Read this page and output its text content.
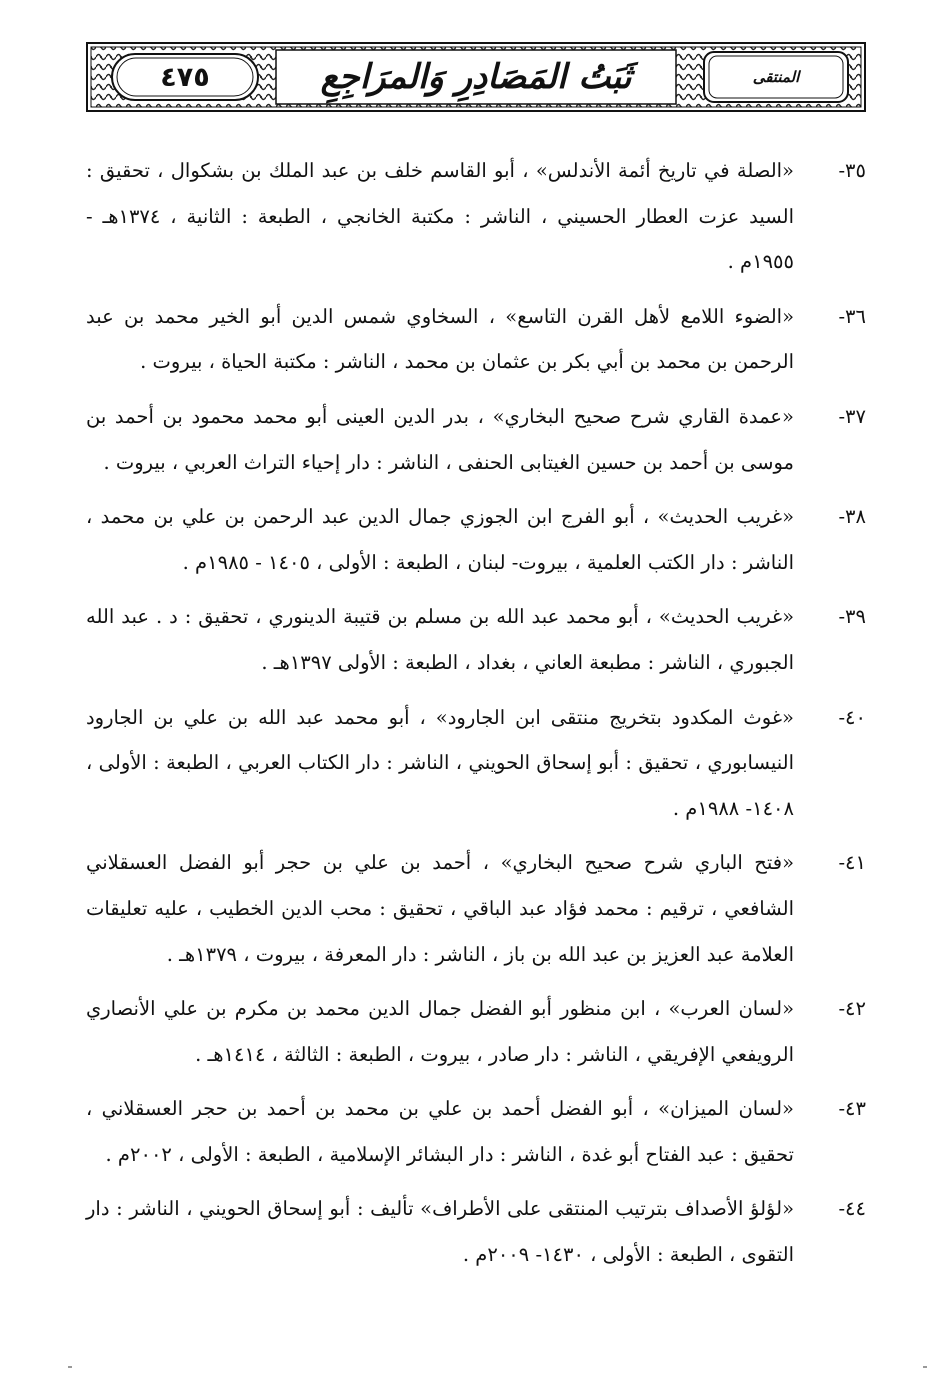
٤٧٥	ثَبَتُ المَصَادِرِ وَالمرَاجِعِ	المنتقى
٣٥-
«الصلة في تاريخ أئمة الأندلس» ، أبو القاسم خلف بن عبد الملك بن بشكوال ، تحقيق : السيد عزت العطار الحسيني ، الناشر : مكتبة الخانجي ، الطبعة : الثانية ، ١٣٧٤هـ - ١٩٥٥م .
٣٦-
«الضوء اللامع لأهل القرن التاسع» ، السخاوي شمس الدين أبو الخير محمد بن عبد الرحمن بن محمد بن أبي بكر بن عثمان بن محمد ، الناشر : مكتبة الحياة ، بيروت .
٣٧-
«عمدة القاري شرح صحيح البخاري» ، بدر الدين العينى أبو محمد محمود بن أحمد بن موسى بن أحمد بن حسين الغيتابى الحنفى ، الناشر : دار إحياء التراث العربي ، بيروت .
٣٨-
«غريب الحديث» ، أبو الفرج ابن الجوزي جمال الدين عبد الرحمن بن علي بن محمد ، الناشر : دار الكتب العلمية ، بيروت- لبنان ، الطبعة : الأولى ، ١٤٠٥ - ١٩٨٥م .
٣٩-
«غريب الحديث» ، أبو محمد عبد الله بن مسلم بن قتيبة الدينوري ، تحقيق : د . عبد الله الجبوري ، الناشر : مطبعة العاني ، بغداد ، الطبعة : الأولى ١٣٩٧هـ .
٤٠-
«غوث المكدود بتخريج منتقى ابن الجارود» ، أبو محمد عبد الله بن علي بن الجارود النيسابوري ، تحقيق : أبو إسحاق الحويني ، الناشر : دار الكتاب العربي ، الطبعة : الأولى ، ١٤٠٨- ١٩٨٨م .
٤١-
«فتح الباري شرح صحيح البخاري» ، أحمد بن علي بن حجر أبو الفضل العسقلاني الشافعي ، ترقيم : محمد فؤاد عبد الباقي ، تحقيق : محب الدين الخطيب ، عليه تعليقات العلامة عبد العزيز بن عبد الله بن باز ، الناشر : دار المعرفة ، بيروت ، ١٣٧٩هـ .
٤٢-
«لسان العرب» ، ابن منظور أبو الفضل جمال الدين محمد بن مكرم بن علي الأنصاري الرويفعي الإفريقي ، الناشر : دار صادر ، بيروت ، الطبعة : الثالثة ، ١٤١٤هـ .
٤٣-
«لسان الميزان» ، أبو الفضل أحمد بن علي بن محمد بن أحمد بن حجر العسقلاني ، تحقيق : عبد الفتاح أبو غدة ، الناشر : دار البشائر الإسلامية ، الطبعة : الأولى ، ٢٠٠٢م .
٤٤-
«لؤلؤ الأصداف بترتيب المنتقى على الأطراف» تأليف : أبو إسحاق الحويني ، الناشر : دار التقوى ، الطبعة : الأولى ، ١٤٣٠- ٢٠٠٩م .
